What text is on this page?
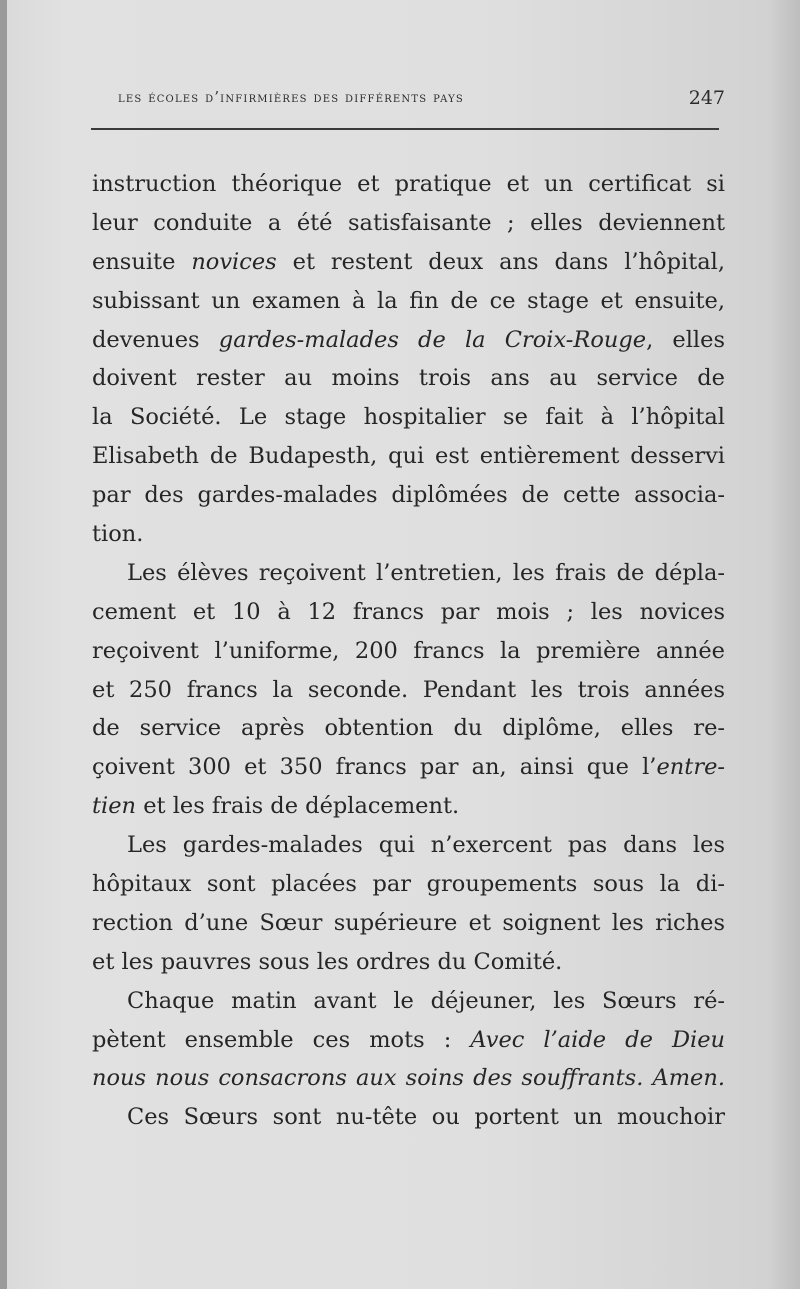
les écoles d’infirmières des différents pays	247
instruction théorique et pratique et un certificat si
leur conduite a été satisfaisante ; elles deviennent
ensuite novices et restent deux ans dans l’hôpital,
subissant un examen à la fin de ce stage et ensuite,
devenues gardes-malades de la Croix-Rouge, elles
doivent rester au moins trois ans au service de
la Société. Le stage hospitalier se fait à l’hôpital
Elisabeth de Budapesth, qui est entièrement desservi
par des gardes-malades diplômées de cette associa-
tion.
Les élèves reçoivent l’entretien, les frais de dépla-
cement et 10 à 12 francs par mois ; les novices
reçoivent l’uniforme, 200 francs la première année
et 250 francs la seconde. Pendant les trois années
de service après obtention du diplôme, elles re-
çoivent 300 et 350 francs par an, ainsi que l’entre-
tien et les frais de déplacement.
Les gardes-malades qui n’exercent pas dans les
hôpitaux sont placées par groupements sous la di-
rection d’une Sœur supérieure et soignent les riches
et les pauvres sous les ordres du Comité.
Chaque matin avant le déjeuner, les Sœurs ré-
pètent ensemble ces mots : Avec l’aide de Dieu
nous nous consacrons aux soins des souffrants. Amen.
Ces Sœurs sont nu-tête ou portent un mouchoir
